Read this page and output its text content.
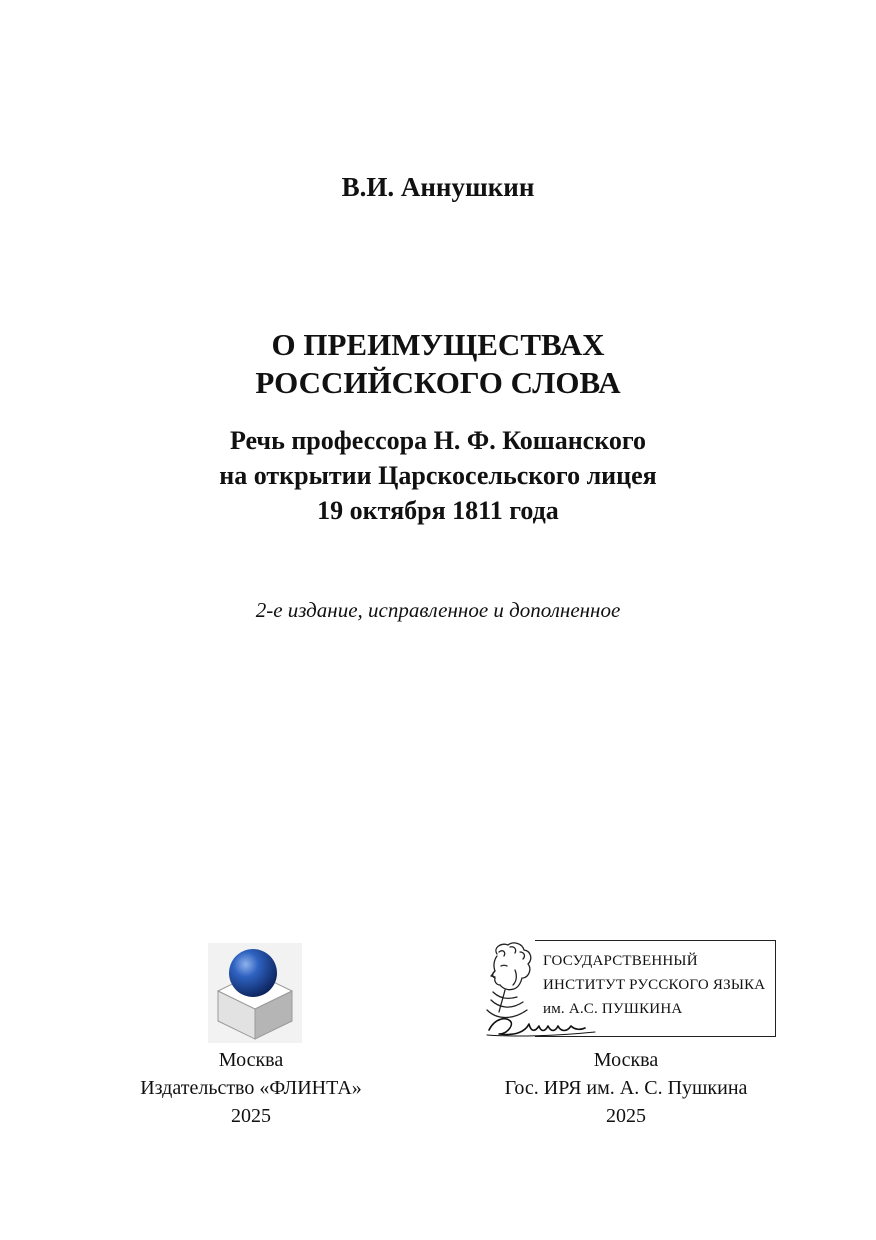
В.И. Аннушкин
О ПРЕИМУЩЕСТВАХ
РОССИЙСКОГО СЛОВА
Речь профессора Н. Ф. Кошанского
на открытии Царскосельского лицея
19 октября 1811 года
2-е издание, исправленное и дополненное
Москва
Издательство «ФЛИНТА»
2025
ГОСУДАРСТВЕННЫЙ
ИНСТИТУТ РУССКОГО ЯЗЫКА
им. А.С. ПУШКИНА
Москва
Гос. ИРЯ им. А. С. Пушкина
2025
